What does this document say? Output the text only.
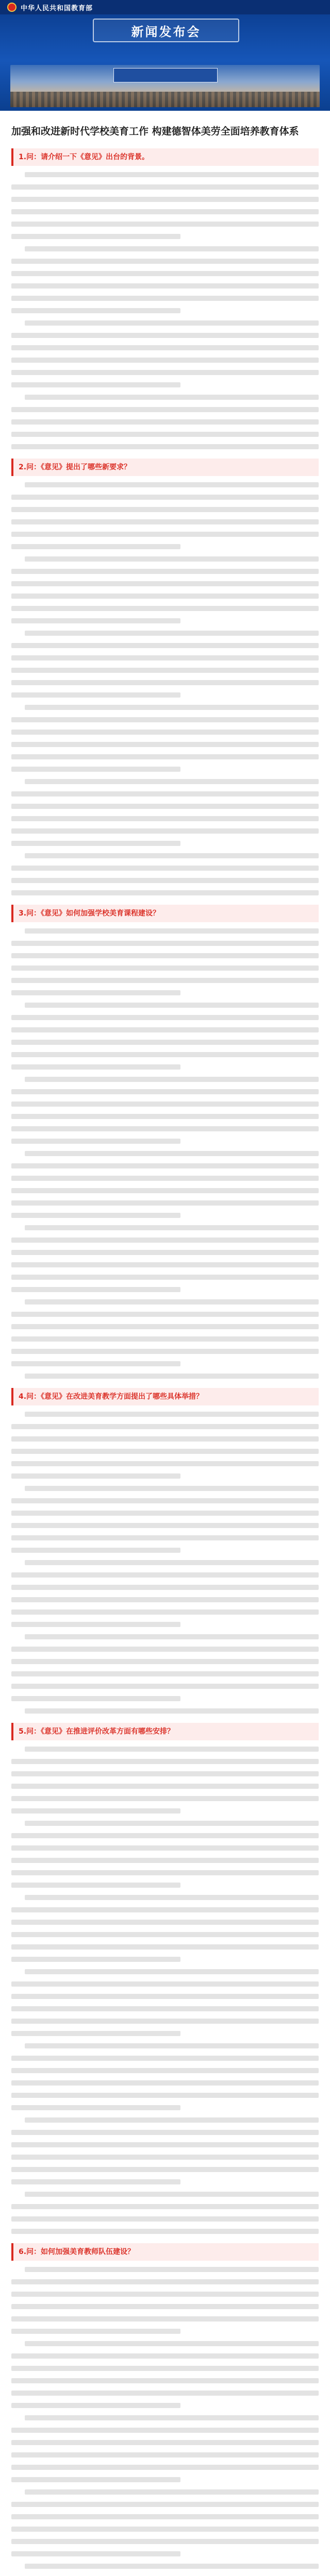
中华人民共和国教育部
新闻发布会
加强和改进新时代学校美育工作 构建德智体美劳全面培养教育体系

1.问：请介绍一下《意见》出台的背景。
2.问：《意见》提出了哪些新要求？
3.问：《意见》如何加强学校美育课程建设？
4.问：《意见》在改进美育教学方面提出了哪些具体举措？
5.问：《意见》在推进评价改革方面有哪些安排？
6.问：如何加强美育教师队伍建设？
